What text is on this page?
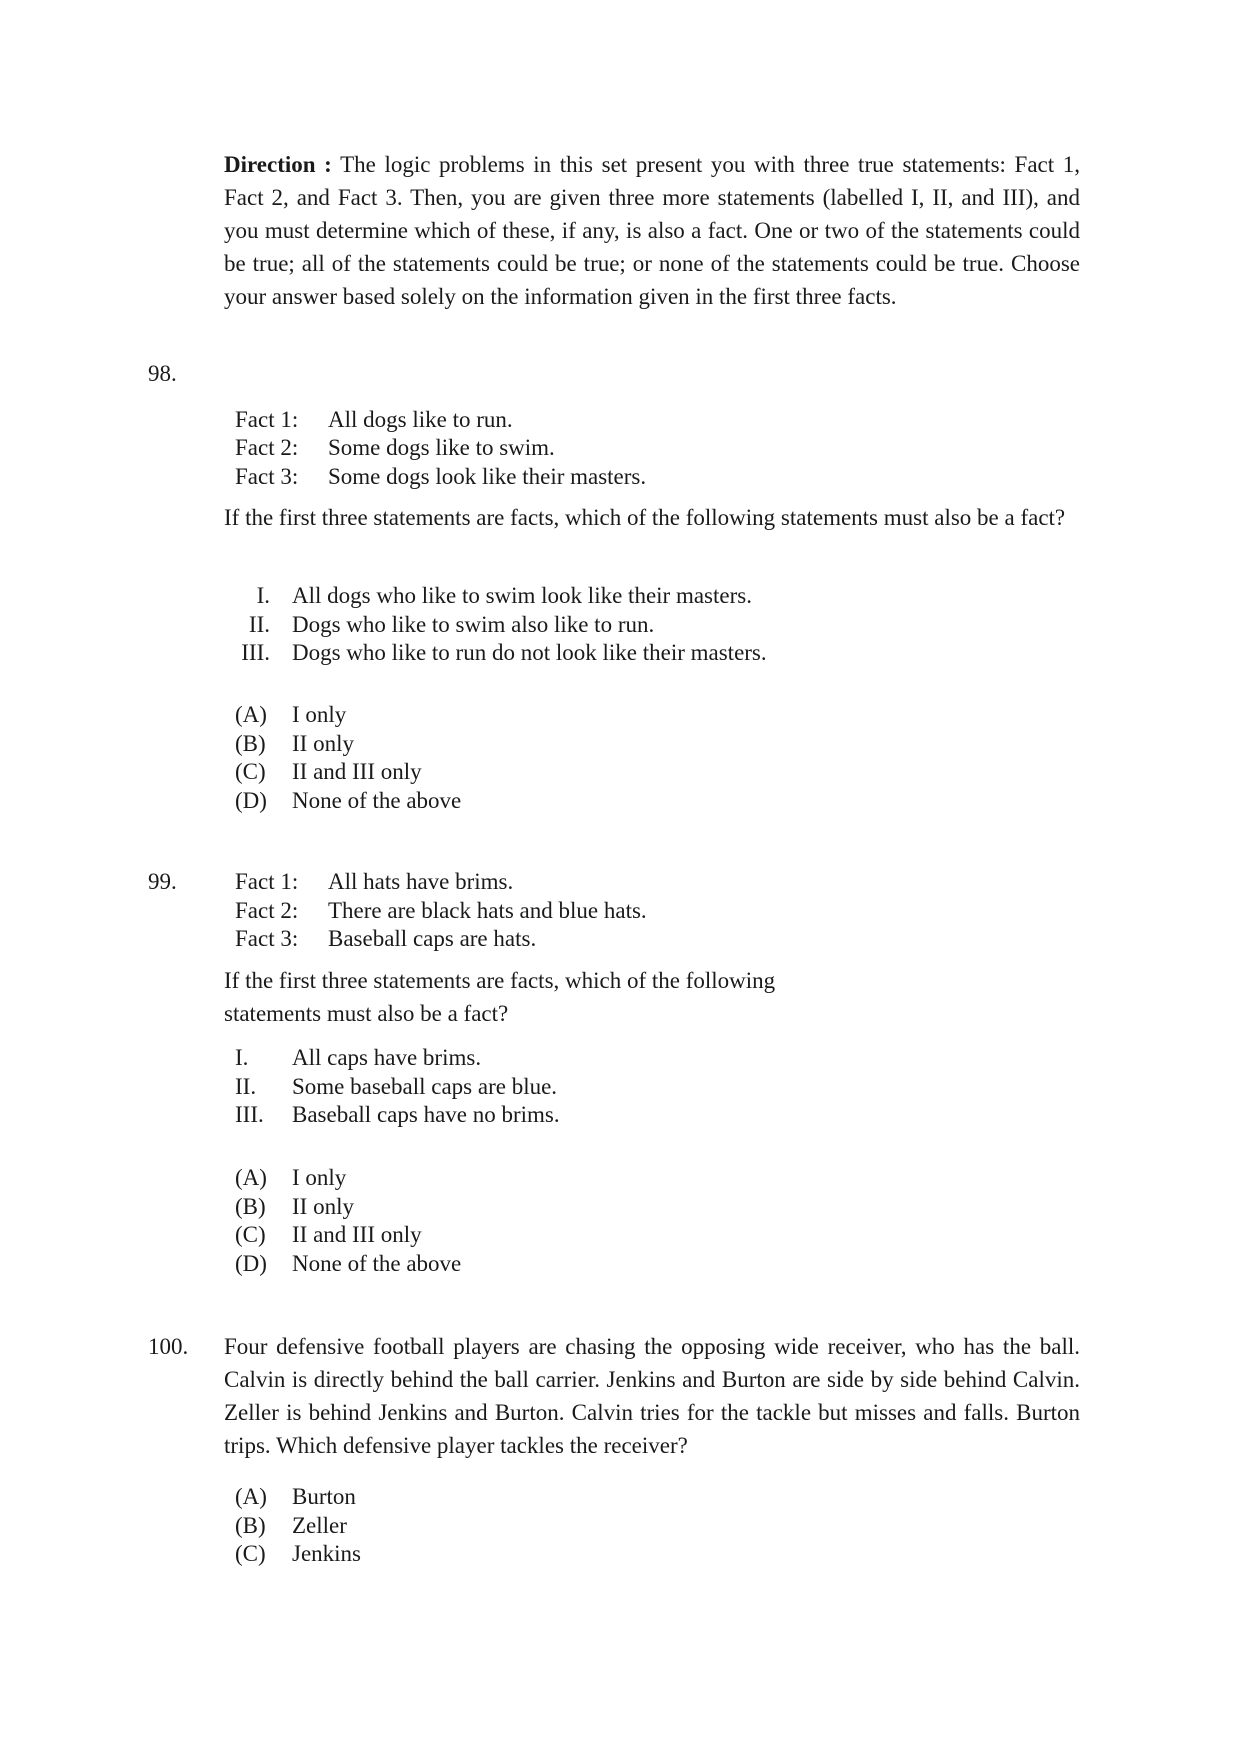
Direction : The logic problems in this set present you with three true statements: Fact 1, Fact 2, and Fact 3. Then, you are given three more statements (labelled I, II, and III), and you must determine which of these, if any, is also a fact. One or two of the statements could be true; all of the statements could be true; or none of the statements could be true. Choose your answer based solely on the information given in the first three facts.
98.
Fact 1: All dogs like to run.
Fact 2: Some dogs like to swim.
Fact 3: Some dogs look like their masters.
If the first three statements are facts, which of the following statements must also be a fact?
I. All dogs who like to swim look like their masters.
II. Dogs who like to swim also like to run.
III. Dogs who like to run do not look like their masters.
(A) I only
(B) II only
(C) II and III only
(D) None of the above
99.	Fact 1: All hats have brims.
Fact 2: There are black hats and blue hats.
Fact 3: Baseball caps are hats.
If the first three statements are facts, which of the following
statements must also be a fact?
I. All caps have brims.
II. Some baseball caps are blue.
III. Baseball caps have no brims.
(A) I only
(B) II only
(C) II and III only
(D) None of the above
100. Four defensive football players are chasing the opposing wide receiver, who has the ball. Calvin is directly behind the ball carrier. Jenkins and Burton are side by side behind Calvin. Zeller is behind Jenkins and Burton. Calvin tries for the tackle but misses and falls. Burton trips. Which defensive player tackles the receiver?
(A) Burton
(B) Zeller
(C) Jenkins
